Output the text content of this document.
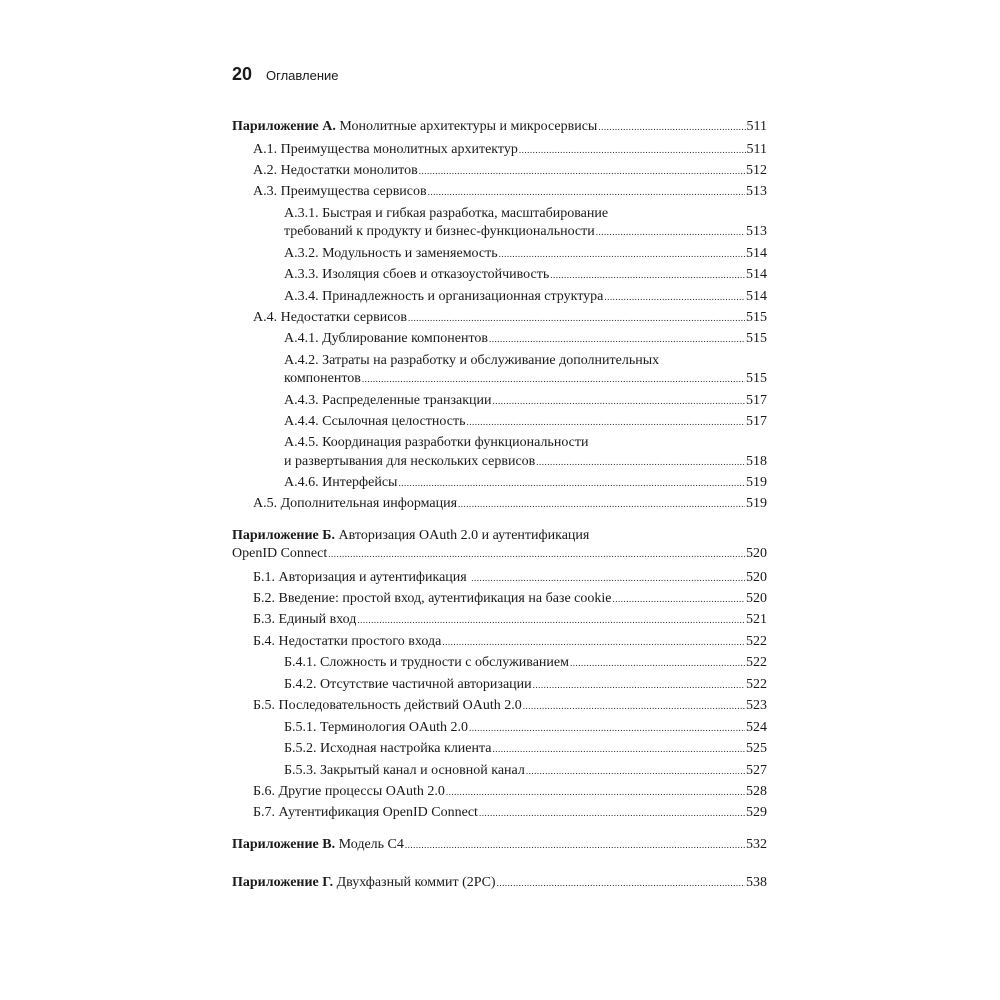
20 Оглавление
Париложение А. Монолитные архитектуры и микросервисы .....	511
А.1. Преимущества монолитных архитектур .....	511
А.2. Недостатки монолитов .....	512
А.3. Преимущества сервисов .....	513
А.3.1. Быстрая и гибкая разработка, масштабирование
требований к продукту и бизнес-функциональности .....	513
А.3.2. Модульность и заменяемость .....	514
А.3.3. Изоляция сбоев и отказоустойчивость .....	514
А.3.4. Принадлежность и организационная структура .....	514
А.4. Недостатки сервисов .....	515
А.4.1. Дублирование компонентов .....	515
А.4.2. Затраты на разработку и обслуживание дополнительных
компонентов .....	515
А.4.3. Распределенные транзакции .....	517
А.4.4. Ссылочная целостность .....	517
А.4.5. Координация разработки функциональности
и развертывания для нескольких сервисов .....	518
А.4.6. Интерфейсы .....	519
А.5. Дополнительная информация .....	519
Париложение Б. Авторизация OAuth 2.0 и аутентификация
OpenID Connect .....	520
Б.1. Авторизация и аутентификация .....	520
Б.2. Введение: простой вход, аутентификация на базе cookie .....	520
Б.3. Единый вход .....	521
Б.4. Недостатки простого входа .....	522
Б.4.1. Сложность и трудности с обслуживанием .....	522
Б.4.2. Отсутствие частичной авторизации .....	522
Б.5. Последовательность действий OAuth 2.0 .....	523
Б.5.1. Терминология OAuth 2.0 .....	524
Б.5.2. Исходная настройка клиента .....	525
Б.5.3. Закрытый канал и основной канал .....	527
Б.6. Другие процессы OAuth 2.0 .....	528
Б.7. Аутентификация OpenID Connect .....	529
Париложение В. Модель С4 .....	532
Париложение Г. Двухфазный коммит (2PC) .....	538
